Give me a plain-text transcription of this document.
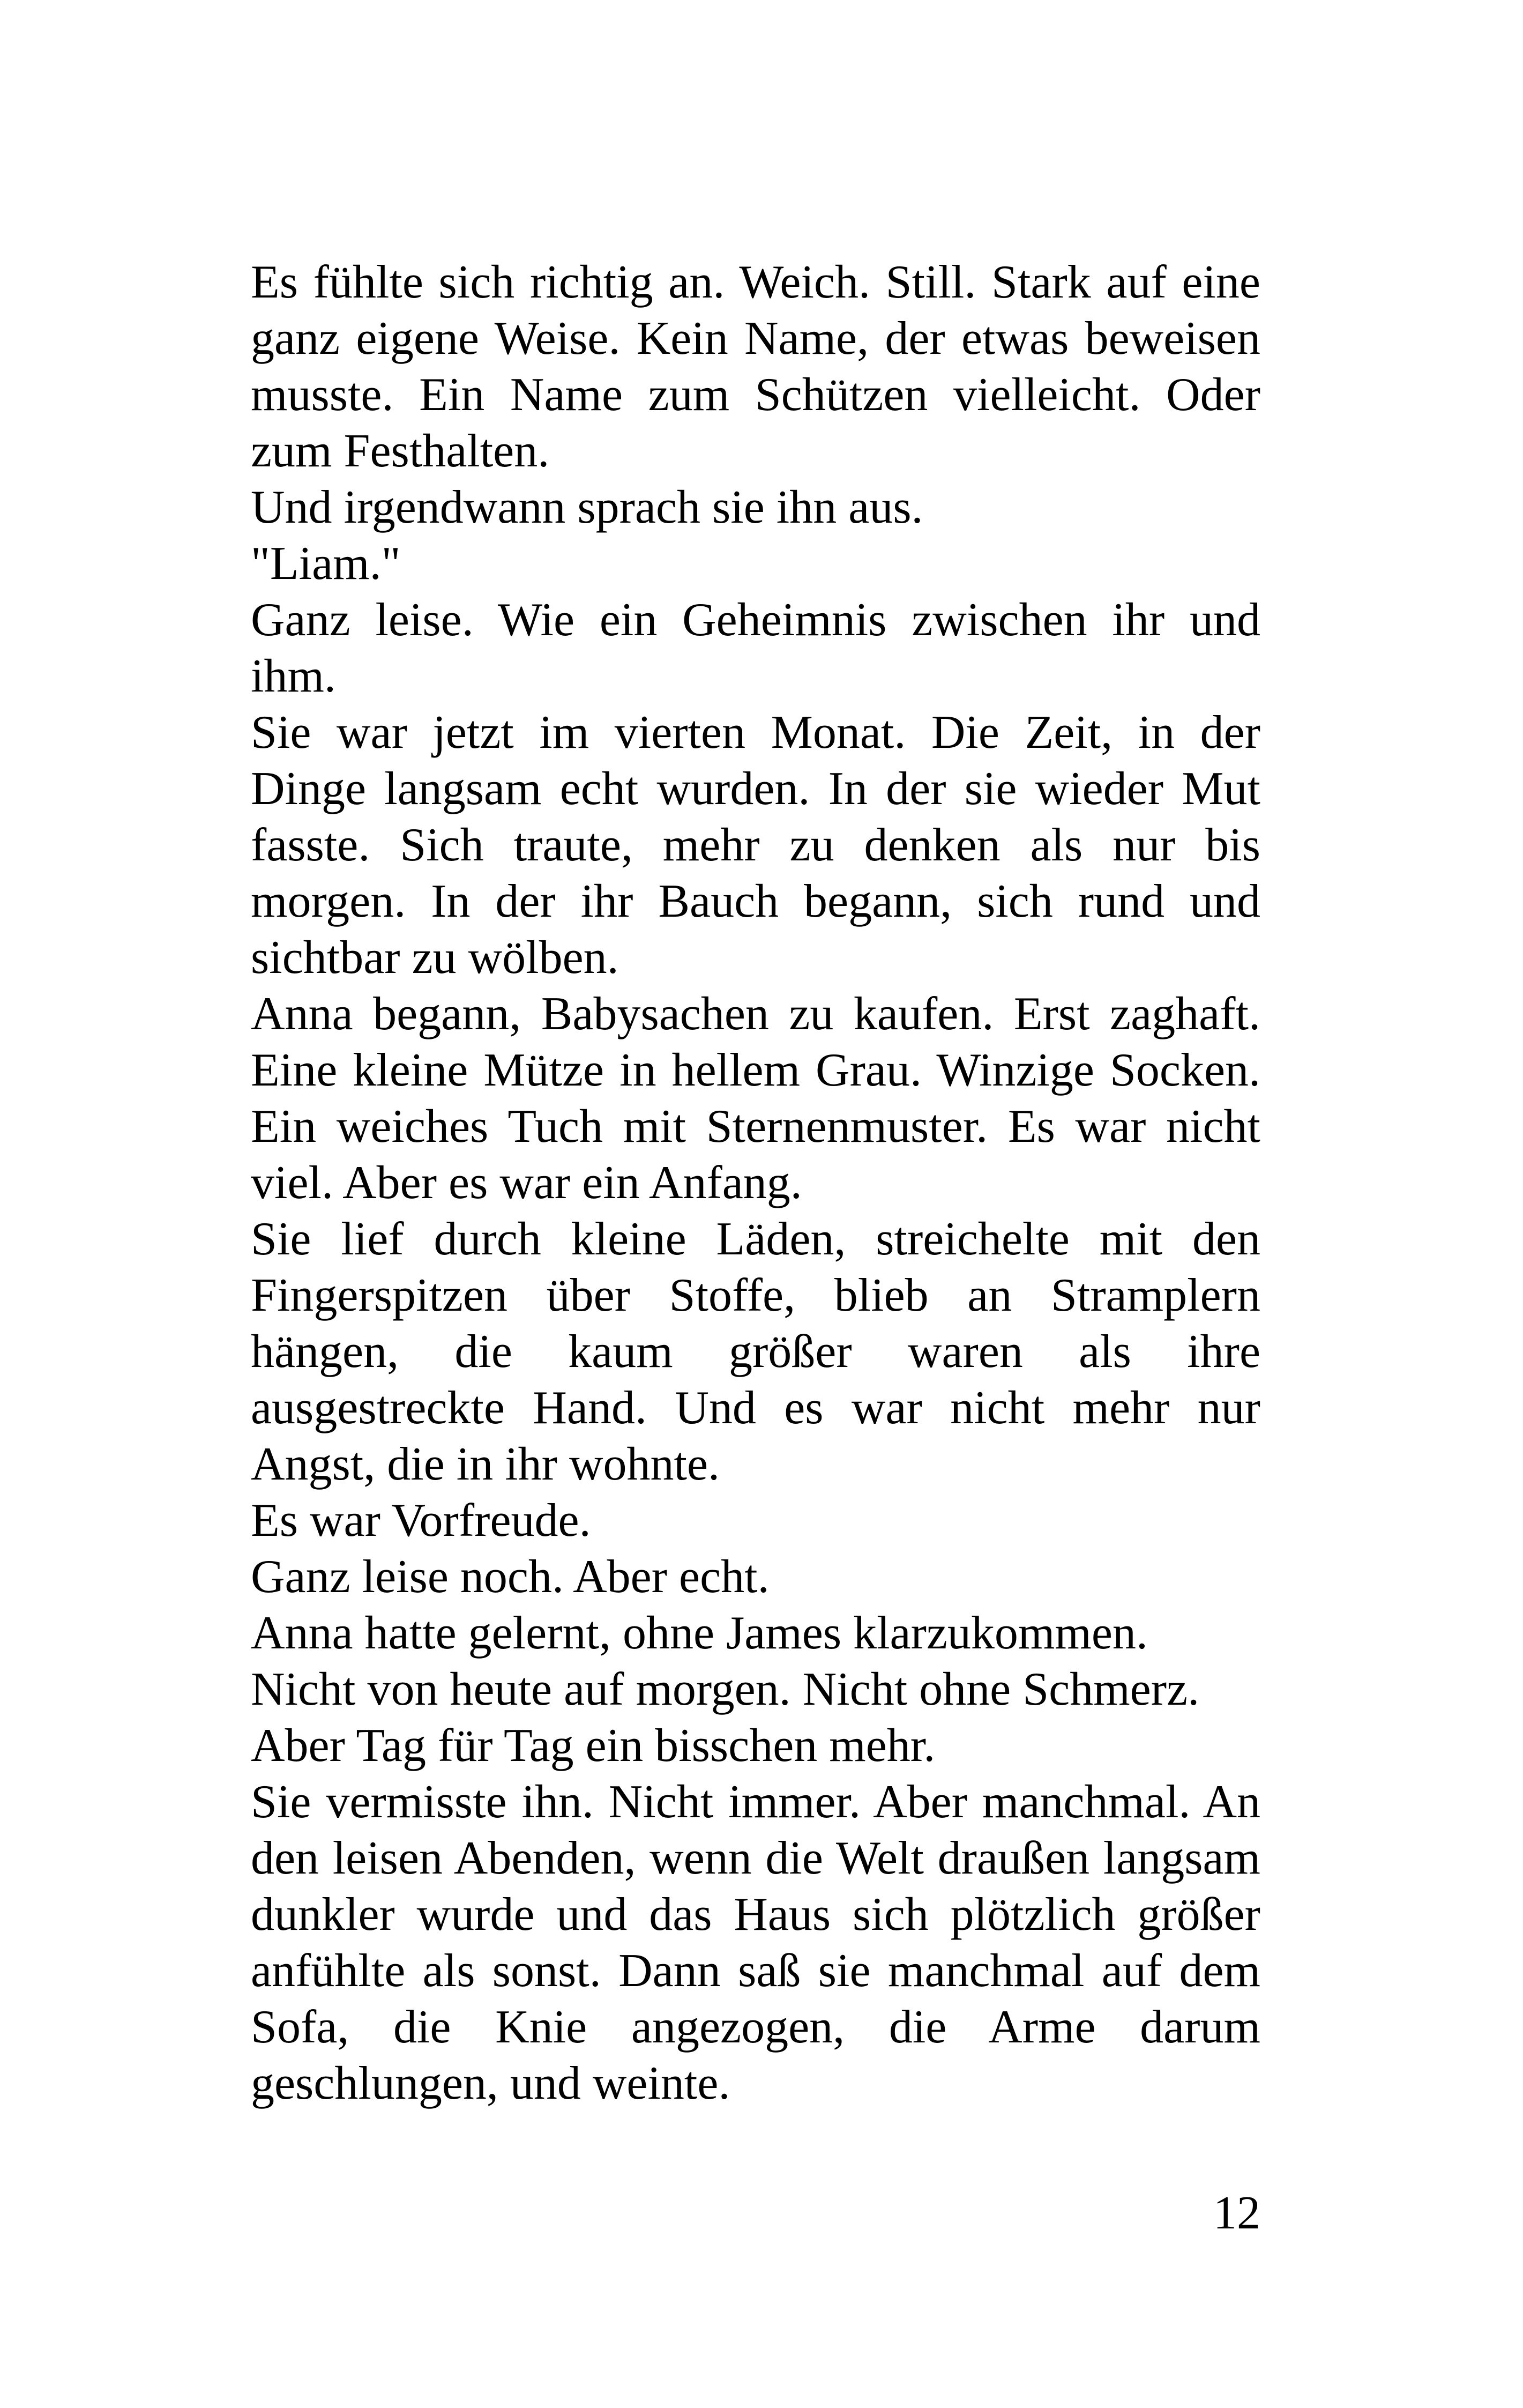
Es fühlte sich richtig an. Weich. Still. Stark auf eine ganz eigene Weise. Kein Name, der etwas beweisen musste. Ein Name zum Schützen vielleicht. Oder zum Festhalten.

Und irgendwann sprach sie ihn aus.

"Liam."

Ganz leise. Wie ein Geheimnis zwischen ihr und ihm.

Sie war jetzt im vierten Monat. Die Zeit, in der Dinge langsam echt wurden. In der sie wieder Mut fasste. Sich traute, mehr zu denken als nur bis morgen. In der ihr Bauch begann, sich rund und sichtbar zu wölben.

Anna begann, Babysachen zu kaufen. Erst zaghaft. Eine kleine Mütze in hellem Grau. Winzige Socken. Ein weiches Tuch mit Sternenmuster. Es war nicht viel. Aber es war ein Anfang.

Sie lief durch kleine Läden, streichelte mit den Fingerspitzen über Stoffe, blieb an Stramplern hängen, die kaum größer waren als ihre ausgestreckte Hand. Und es war nicht mehr nur Angst, die in ihr wohnte.

Es war Vorfreude.

Ganz leise noch. Aber echt.

Anna hatte gelernt, ohne James klarzukommen.

Nicht von heute auf morgen. Nicht ohne Schmerz.

Aber Tag für Tag ein bisschen mehr.

Sie vermisste ihn. Nicht immer. Aber manchmal. An den leisen Abenden, wenn die Welt draußen langsam dunkler wurde und das Haus sich plötzlich größer anfühlte als sonst. Dann saß sie manchmal auf dem Sofa, die Knie angezogen, die Arme darum geschlungen, und weinte.

12
